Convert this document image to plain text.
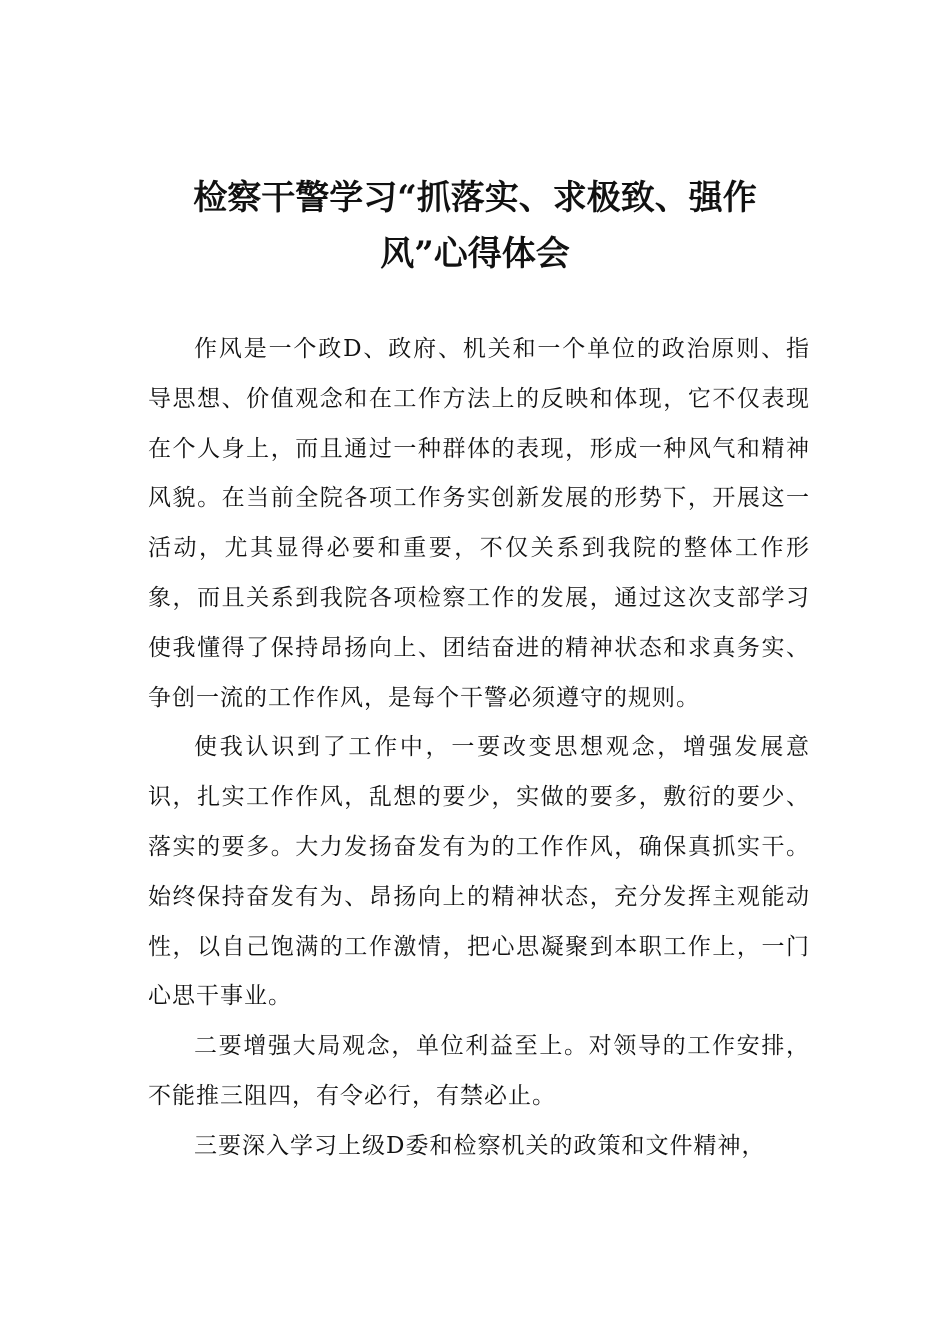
检察干警学习“抓落实、求极致、强作
风”心得体会

作风是一个政D、政府、机关和一个单位的政治原则、指导思想、价值观念和在工作方法上的反映和体现，它不仅表现在个人身上，而且通过一种群体的表现，形成一种风气和精神风貌。在当前全院各项工作务实创新发展的形势下，开展这一活动，尤其显得必要和重要，不仅关系到我院的整体工作形象，而且关系到我院各项检察工作的发展，通过这次支部学习使我懂得了保持昂扬向上、团结奋进的精神状态和求真务实、争创一流的工作作风，是每个干警必须遵守的规则。

使我认识到了工作中，一要改变思想观念，增强发展意识，扎实工作作风，乱想的要少，实做的要多，敷衍的要少、落实的要多。大力发扬奋发有为的工作作风，确保真抓实干。始终保持奋发有为、昂扬向上的精神状态，充分发挥主观能动性，以自己饱满的工作激情，把心思凝聚到本职工作上，一门心思干事业。

二要增强大局观念，单位利益至上。对领导的工作安排，不能推三阻四，有令必行，有禁必止。

三要深入学习上级D委和检察机关的政策和文件精神，
